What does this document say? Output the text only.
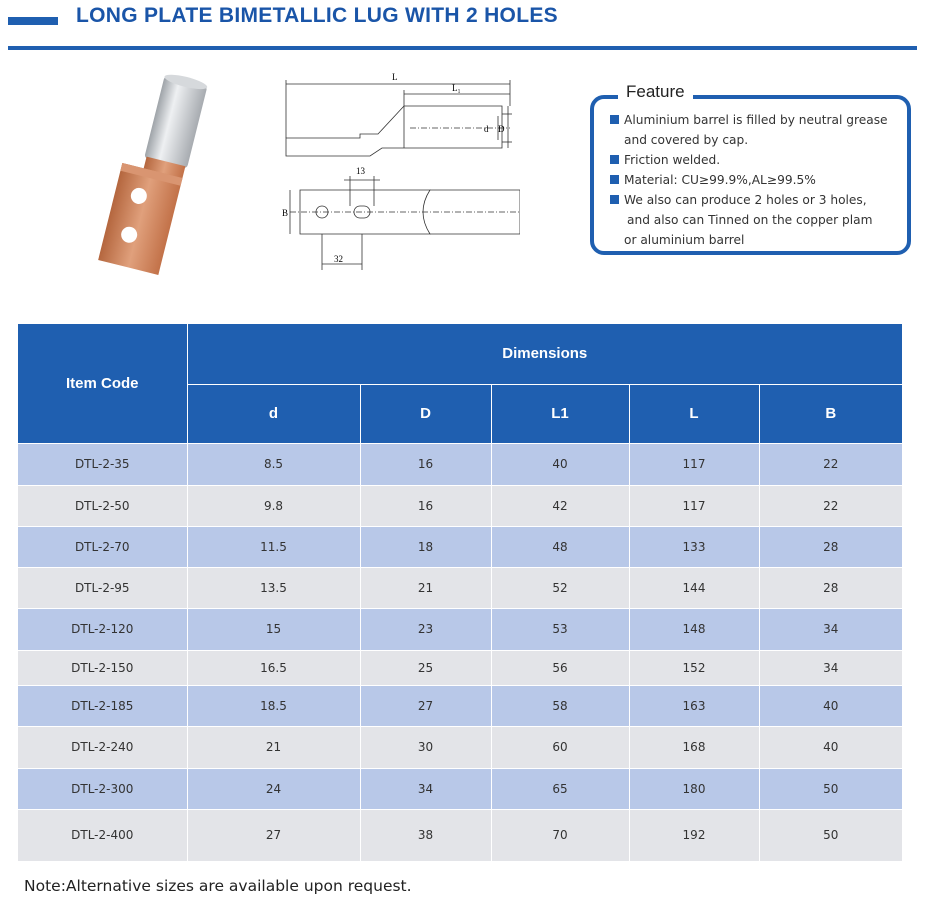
LONG PLATE BIMETALLIC LUG WITH 2 HOLES
L
L₁
d D
B
13
32
Feature
Aluminium barrel is filled by neutral grease
and covered by cap.
Friction welded.
Material: CU≥99.9%,AL≥99.5%
We also can produce 2 holes or 3 holes,
and also can Tinned on the copper plam
or aluminium barrel
Item Code	Dimensions				
	d	D	L1	L	B
DTL-2-35	8.5	16	40	117	22
DTL-2-50	9.8	16	42	117	22
DTL-2-70	11.5	18	48	133	28
DTL-2-95	13.5	21	52	144	28
DTL-2-120	15	23	53	148	34
DTL-2-150	16.5	25	56	152	34
DTL-2-185	18.5	27	58	163	40
DTL-2-240	21	30	60	168	40
DTL-2-300	24	34	65	180	50
DTL-2-400	27	38	70	192	50
Note:Alternative sizes are available upon request.
